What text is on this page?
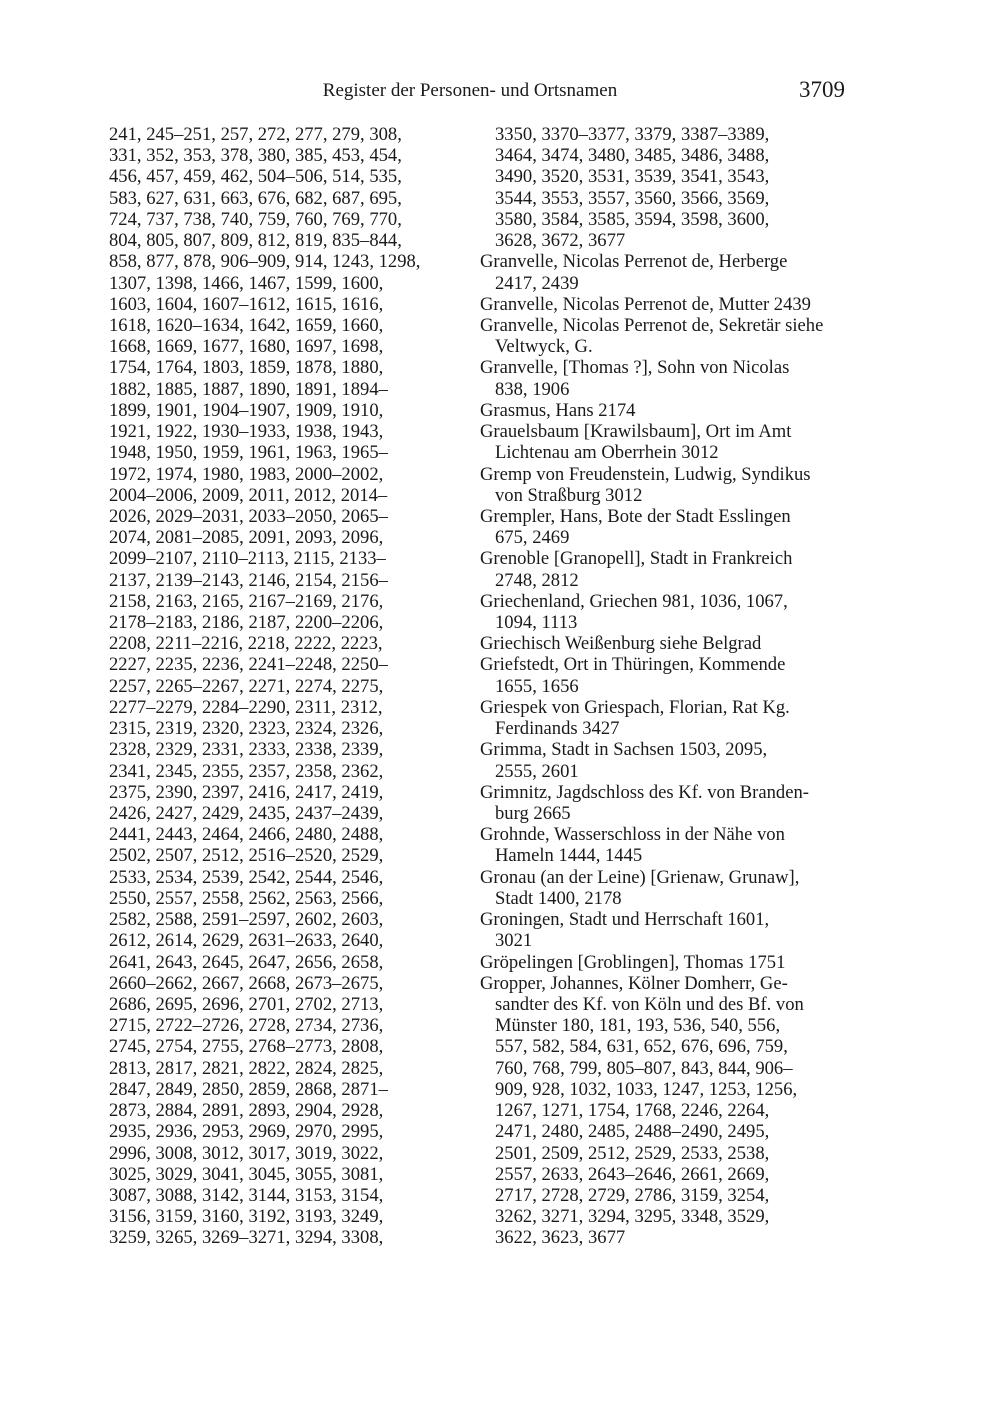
Register der Personen- und Ortsnamen	3709
241, 245–251, 257, 272, 277, 279, 308,
331, 352, 353, 378, 380, 385, 453, 454,
456, 457, 459, 462, 504–506, 514, 535,
583, 627, 631, 663, 676, 682, 687, 695,
724, 737, 738, 740, 759, 760, 769, 770,
804, 805, 807, 809, 812, 819, 835–844,
858, 877, 878, 906–909, 914, 1243, 1298,
1307, 1398, 1466, 1467, 1599, 1600,
1603, 1604, 1607–1612, 1615, 1616,
1618, 1620–1634, 1642, 1659, 1660,
1668, 1669, 1677, 1680, 1697, 1698,
1754, 1764, 1803, 1859, 1878, 1880,
1882, 1885, 1887, 1890, 1891, 1894–
1899, 1901, 1904–1907, 1909, 1910,
1921, 1922, 1930–1933, 1938, 1943,
1948, 1950, 1959, 1961, 1963, 1965–
1972, 1974, 1980, 1983, 2000–2002,
2004–2006, 2009, 2011, 2012, 2014–
2026, 2029–2031, 2033–2050, 2065–
2074, 2081–2085, 2091, 2093, 2096,
2099–2107, 2110–2113, 2115, 2133–
2137, 2139–2143, 2146, 2154, 2156–
2158, 2163, 2165, 2167–2169, 2176,
2178–2183, 2186, 2187, 2200–2206,
2208, 2211–2216, 2218, 2222, 2223,
2227, 2235, 2236, 2241–2248, 2250–
2257, 2265–2267, 2271, 2274, 2275,
2277–2279, 2284–2290, 2311, 2312,
2315, 2319, 2320, 2323, 2324, 2326,
2328, 2329, 2331, 2333, 2338, 2339,
2341, 2345, 2355, 2357, 2358, 2362,
2375, 2390, 2397, 2416, 2417, 2419,
2426, 2427, 2429, 2435, 2437–2439,
2441, 2443, 2464, 2466, 2480, 2488,
2502, 2507, 2512, 2516–2520, 2529,
2533, 2534, 2539, 2542, 2544, 2546,
2550, 2557, 2558, 2562, 2563, 2566,
2582, 2588, 2591–2597, 2602, 2603,
2612, 2614, 2629, 2631–2633, 2640,
2641, 2643, 2645, 2647, 2656, 2658,
2660–2662, 2667, 2668, 2673–2675,
2686, 2695, 2696, 2701, 2702, 2713,
2715, 2722–2726, 2728, 2734, 2736,
2745, 2754, 2755, 2768–2773, 2808,
2813, 2817, 2821, 2822, 2824, 2825,
2847, 2849, 2850, 2859, 2868, 2871–
2873, 2884, 2891, 2893, 2904, 2928,
2935, 2936, 2953, 2969, 2970, 2995,
2996, 3008, 3012, 3017, 3019, 3022,
3025, 3029, 3041, 3045, 3055, 3081,
3087, 3088, 3142, 3144, 3153, 3154,
3156, 3159, 3160, 3192, 3193, 3249,
3259, 3265, 3269–3271, 3294, 3308,
3350, 3370–3377, 3379, 3387–3389,
3464, 3474, 3480, 3485, 3486, 3488,
3490, 3520, 3531, 3539, 3541, 3543,
3544, 3553, 3557, 3560, 3566, 3569,
3580, 3584, 3585, 3594, 3598, 3600,
3628, 3672, 3677
Granvelle, Nicolas Perrenot de, Herberge
2417, 2439
Granvelle, Nicolas Perrenot de, Mutter 2439
Granvelle, Nicolas Perrenot de, Sekretär siehe
Veltwyck, G.
Granvelle, [Thomas ?], Sohn von Nicolas
838, 1906
Grasmus, Hans 2174
Grauelsbaum [Krawilsbaum], Ort im Amt
Lichtenau am Oberrhein 3012
Gremp von Freudenstein, Ludwig, Syndikus
von Straßburg 3012
Grempler, Hans, Bote der Stadt Esslingen
675, 2469
Grenoble [Granopell], Stadt in Frankreich
2748, 2812
Griechenland, Griechen 981, 1036, 1067,
1094, 1113
Griechisch Weißenburg siehe Belgrad
Griefstedt, Ort in Thüringen, Kommende
1655, 1656
Griespek von Griespach, Florian, Rat Kg.
Ferdinands 3427
Grimma, Stadt in Sachsen 1503, 2095,
2555, 2601
Grimnitz, Jagdschloss des Kf. von Branden-
burg 2665
Grohnde, Wasserschloss in der Nähe von
Hameln 1444, 1445
Gronau (an der Leine) [Grienaw, Grunaw],
Stadt 1400, 2178
Groningen, Stadt und Herrschaft 1601,
3021
Gröpelingen [Groblingen], Thomas 1751
Gropper, Johannes, Kölner Domherr, Ge-
sandter des Kf. von Köln und des Bf. von
Münster 180, 181, 193, 536, 540, 556,
557, 582, 584, 631, 652, 676, 696, 759,
760, 768, 799, 805–807, 843, 844, 906–
909, 928, 1032, 1033, 1247, 1253, 1256,
1267, 1271, 1754, 1768, 2246, 2264,
2471, 2480, 2485, 2488–2490, 2495,
2501, 2509, 2512, 2529, 2533, 2538,
2557, 2633, 2643–2646, 2661, 2669,
2717, 2728, 2729, 2786, 3159, 3254,
3262, 3271, 3294, 3295, 3348, 3529,
3622, 3623, 3677
